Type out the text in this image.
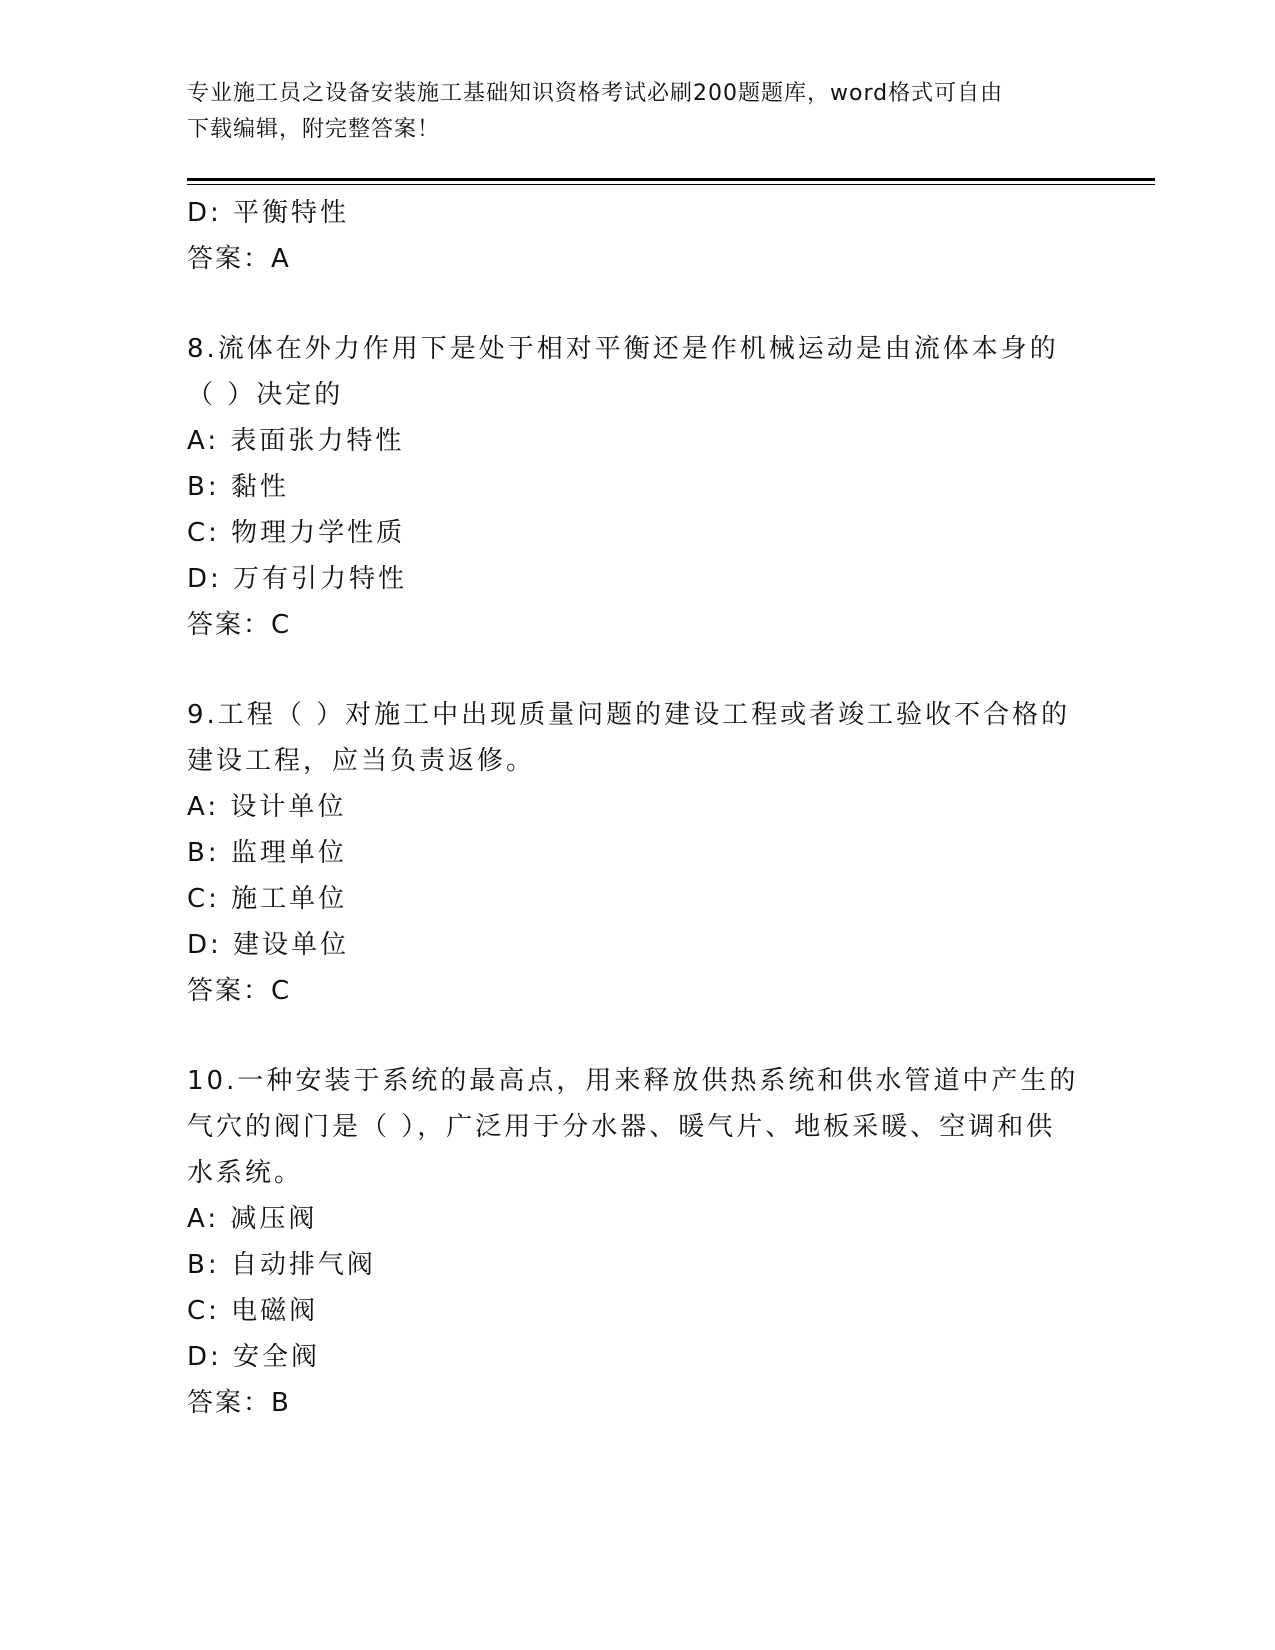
专业施工员之设备安装施工基础知识资格考试必刷200题题库，word格式可自由
下载编辑，附完整答案！
D: 平衡特性
答案：A
8.流体在外力作用下是处于相对平衡还是作机械运动是由流体本身的
（ ）决定的
A: 表面张力特性
B: 黏性
C: 物理力学性质
D: 万有引力特性
答案：C
9.工程（ ）对施工中出现质量问题的建设工程或者竣工验收不合格的
建设工程，应当负责返修。
A: 设计单位
B: 监理单位
C: 施工单位
D: 建设单位
答案：C
10.一种安装于系统的最高点，用来释放供热系统和供水管道中产生的
气穴的阀门是（ ），广泛用于分水器、暖气片、地板采暖、空调和供
水系统。
A: 减压阀
B: 自动排气阀
C: 电磁阀
D: 安全阀
答案：B
